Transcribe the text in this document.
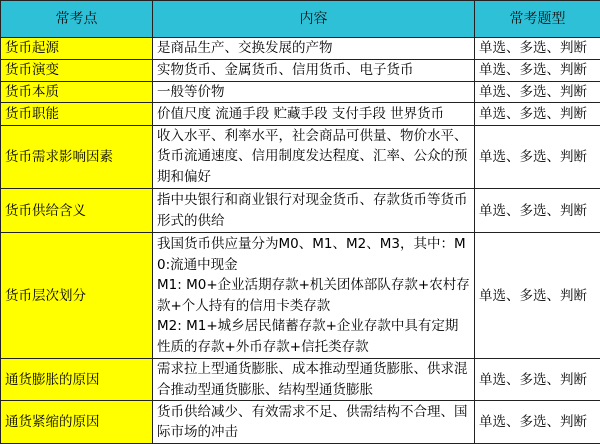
常考点	内容	常考题型
货币起源	是商品生产、交换发展的产物	单选、多选、判断
货币演变	实物货币、金属货币、信用货币、电子货币	单选、多选、判断
货币本质	一般等价物	单选、多选、判断
货币职能	价值尺度 流通手段 贮藏手段 支付手段 世界货币	单选、多选、判断
货币需求影响因素	收入水平、利率水平，社会商品可供量、物价水平、货币流通速度、信用制度发达程度、汇率、公众的预期和偏好	单选、多选、判断
货币供给含义	指中央银行和商业银行对现金货币、存款货币等货币形式的供给	单选、多选、判断
货币层次划分	我国货币供应量分为M0、M1、M2、M3，其中：M0:流通中现金
M1: M0+企业活期存款+机关团体部队存款+农村存款+个人持有的信用卡类存款
M2: M1+城乡居民储蓄存款+企业存款中具有定期性质的存款+外币存款+信托类存款	单选、多选、判断
通货膨胀的原因	需求拉上型通货膨胀、成本推动型通货膨胀、供求混合推动型通货膨胀、结构型通货膨胀	单选、多选、判断
通货紧缩的原因	货币供给减少、有效需求不足、供需结构不合理、国际市场的冲击	单选、多选、判断
